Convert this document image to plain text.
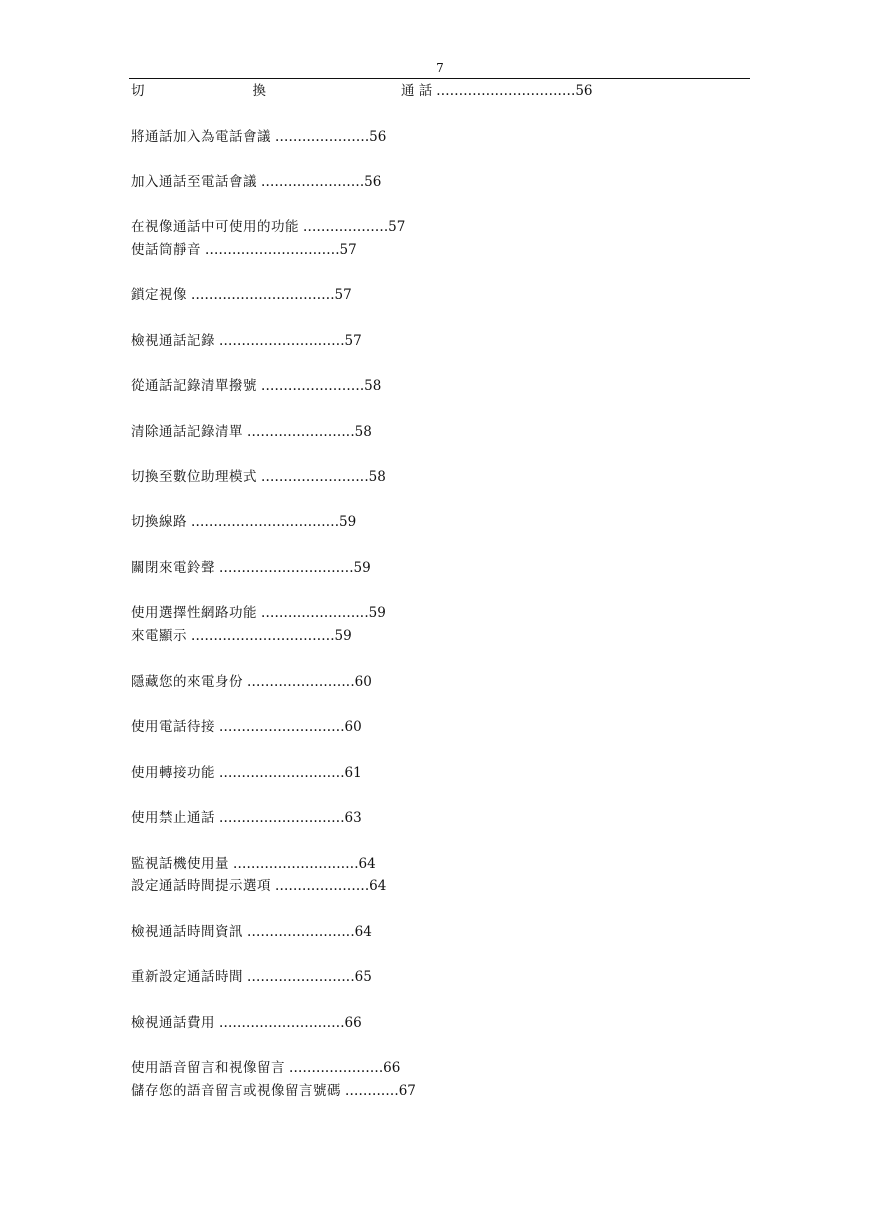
7
切　　　　　　　　換　　　　　　　　　　通 話 ...............................56
將通話加入為電話會議 .....................56
加入通話至電話會議 .......................56
在視像通話中可使用的功能 ...................57
使話筒靜音 ..............................57
鎖定視像 ................................57
檢視通話記錄 ............................57
從通話記錄清單撥號 .......................58
清除通話記錄清單 ........................58
切換至數位助理模式 ........................58
切換線路 .................................59
關閉來電鈴聲 ..............................59
使用選擇性網路功能 ........................59
來電顯示 ................................59
隱藏您的來電身份 ........................60
使用電話待接 ............................60
使用轉接功能 ............................61
使用禁止通話 ............................63
監視話機使用量 ............................64
設定通話時間提示選項 .....................64
檢視通話時間資訊 ........................64
重新設定通話時間 ........................65
檢視通話費用 ............................66
使用語音留言和視像留言 .....................66
儲存您的語音留言或視像留言號碼 ............67
